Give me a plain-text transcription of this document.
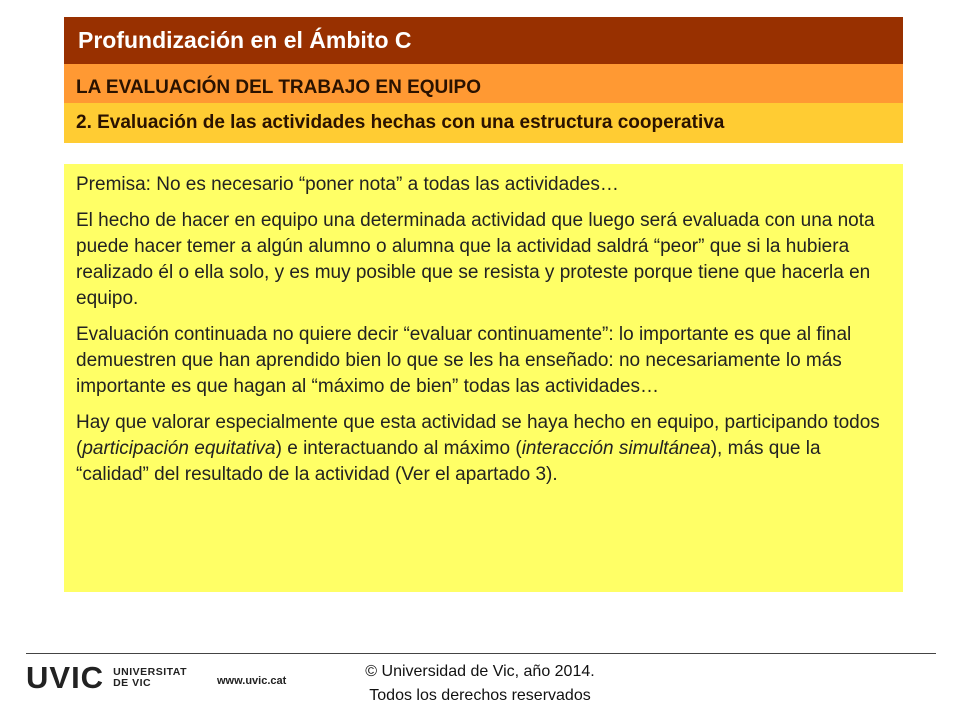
Profundización en el Ámbito C
LA EVALUACIÓN DEL TRABAJO EN EQUIPO
2. Evaluación de las actividades hechas con una estructura cooperativa

Premisa: No es necesario “poner nota” a todas las actividades…

El hecho de hacer en equipo una determinada actividad que luego será evaluada con una nota puede hacer temer a algún alumno o alumna que la actividad saldrá “peor” que si la hubiera realizado él o ella solo, y es muy posible que se resista y proteste porque tiene que hacerla en equipo.

Evaluación continuada no quiere decir “evaluar continuamente”: lo importante es que al final demuestren que han aprendido bien lo que se les ha enseñado: no necesariamente lo más importante es que hagan al “máximo de bien” todas las actividades…

Hay que valorar especialmente que esta actividad se haya hecho en equipo, participando todos (participación equitativa) e interactuando al máximo (interacción simultánea), más que la “calidad” del resultado de la actividad (Ver el apartado 3).

UVIC UNIVERSITAT
DE VIC	www.uvic.cat
© Universidad de Vic, año 2014.
Todos los derechos reservados
